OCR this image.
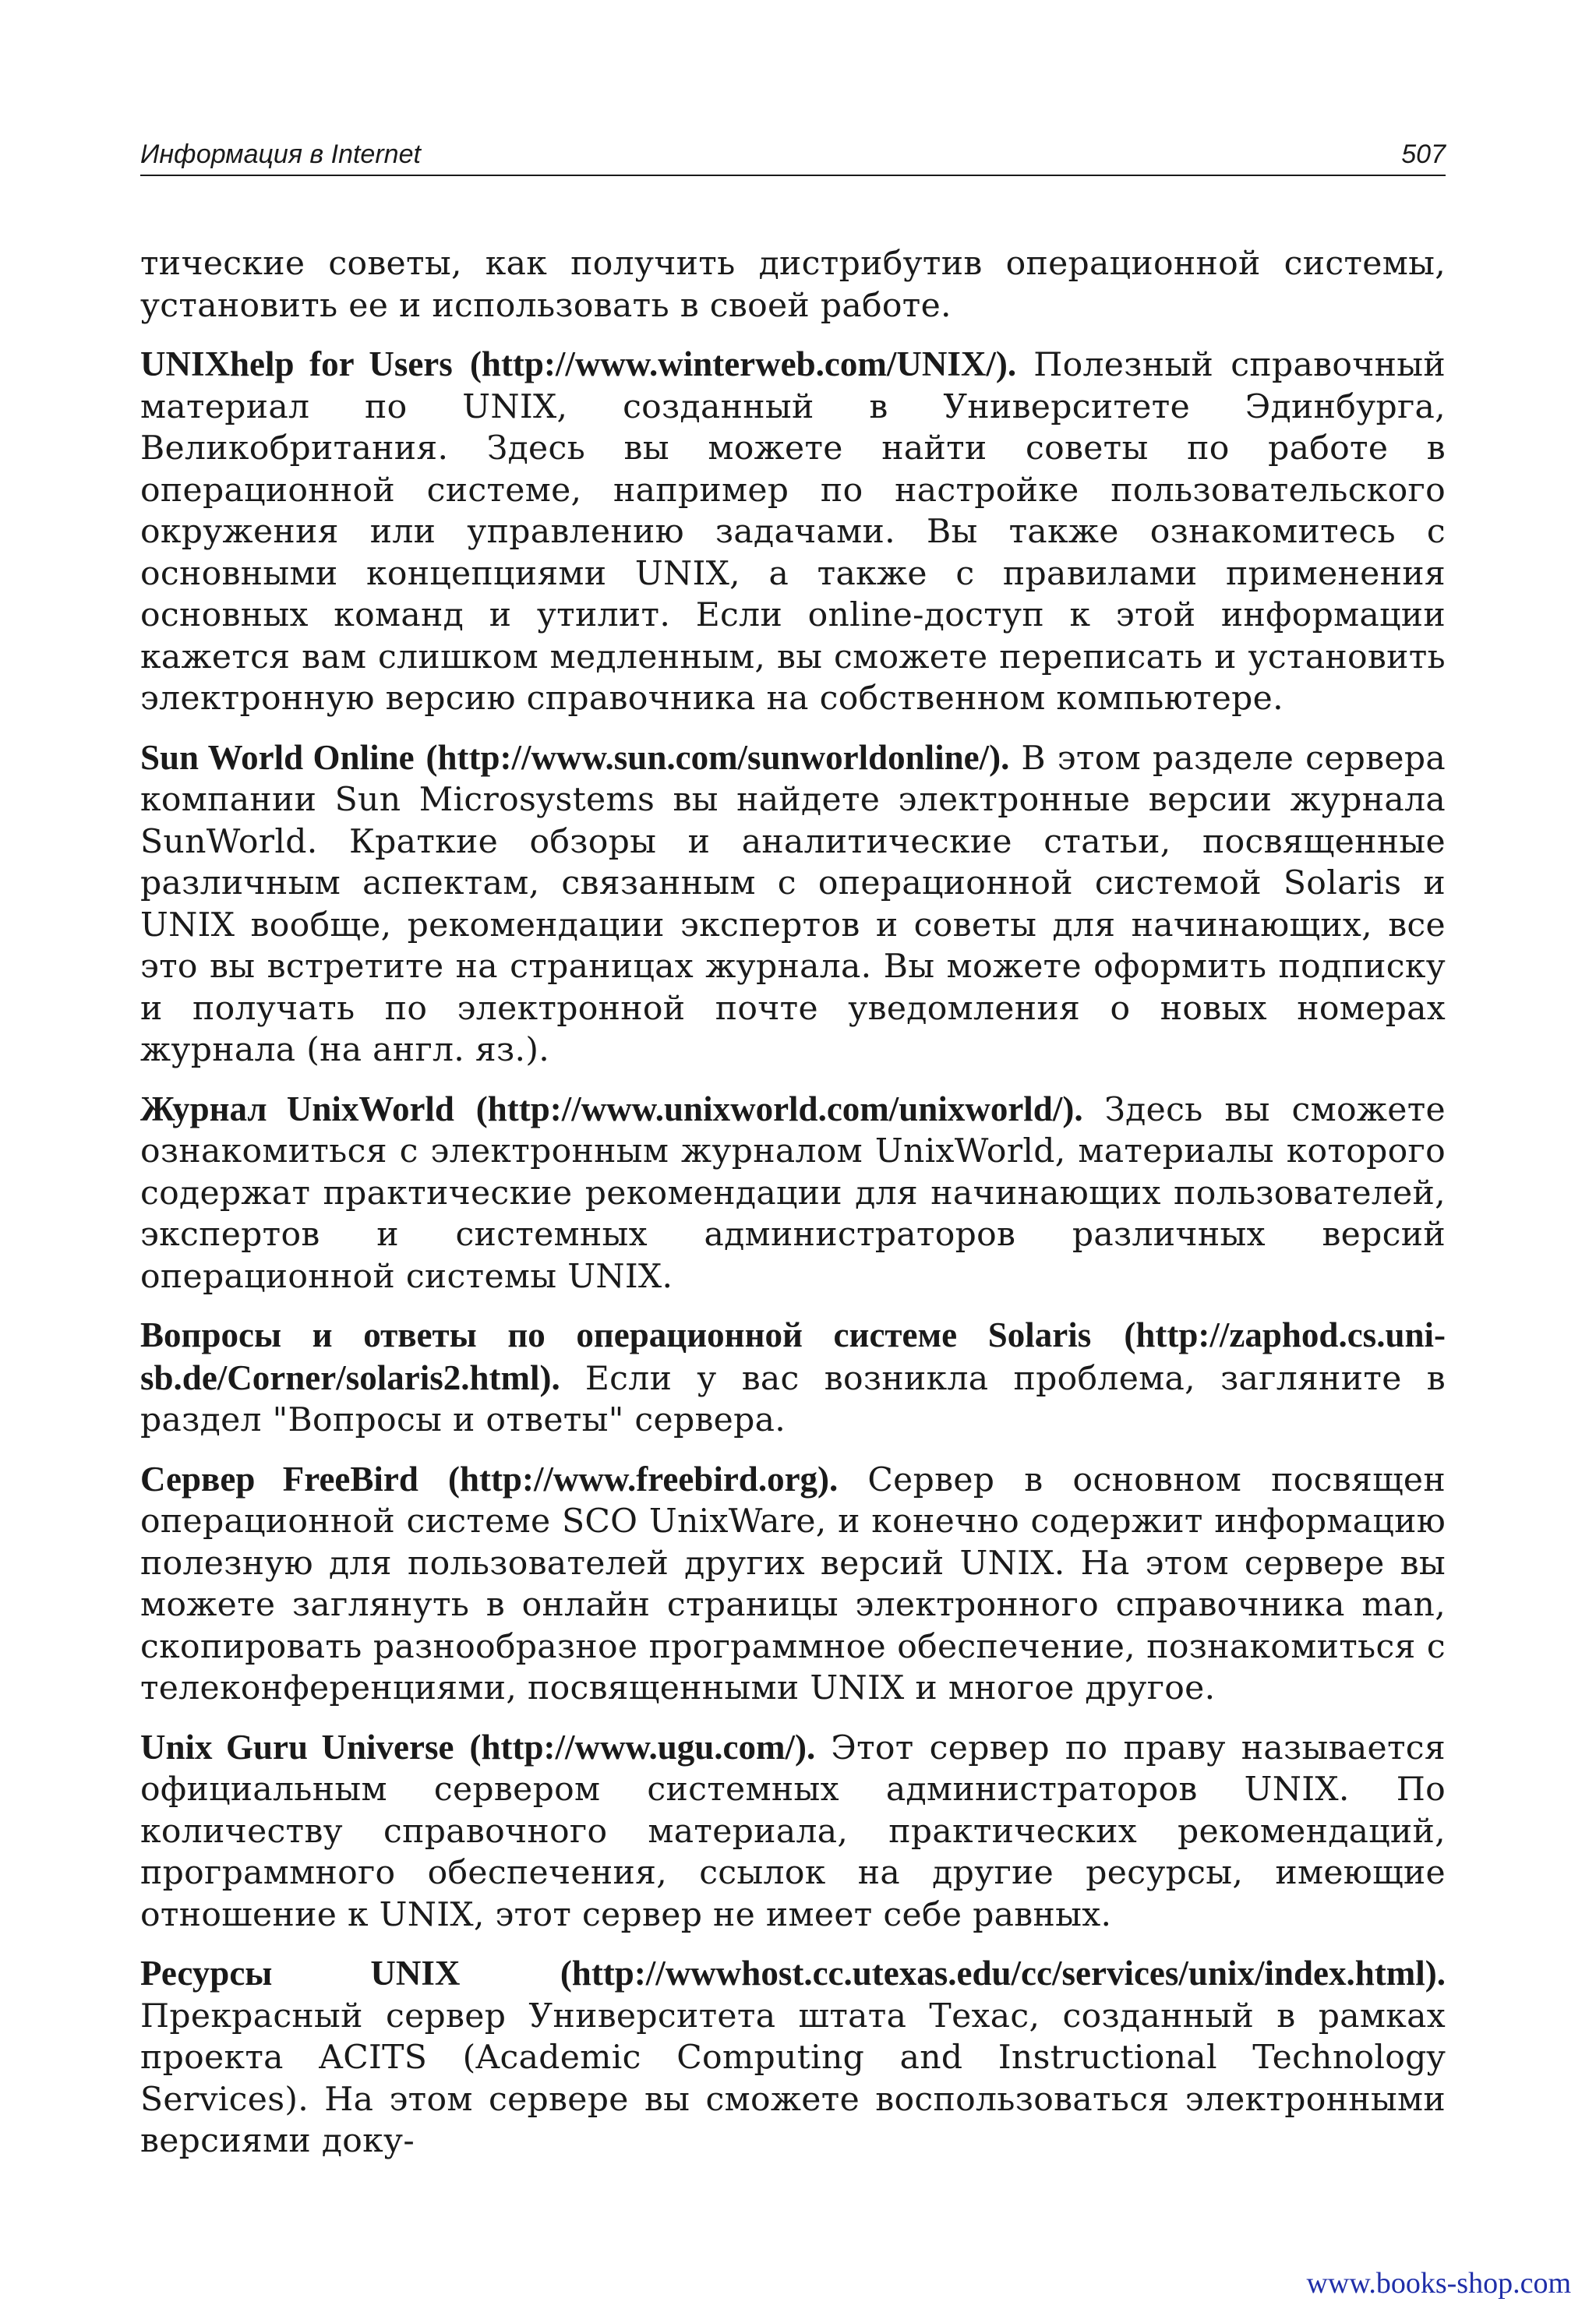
Информация в Internet	507

тические советы, как получить дистрибутив операционной системы, установить ее и использовать в своей работе.

UNIXhelp for Users (http://www.winterweb.com/UNIX/). Полезный справочный материал по UNIX, созданный в Университете Эдинбурга, Великобритания. Здесь вы можете найти советы по работе в операционной системе, например по настройке пользовательского окружения или управлению задачами. Вы также ознакомитесь с основными концепциями UNIX, а также с правилами применения основных команд и утилит. Если online-доступ к этой информации кажется вам слишком медленным, вы сможете переписать и установить электронную версию справочника на собственном компьютере.

Sun World Online (http://www.sun.com/sunworldonline/). В этом разделе сервера компании Sun Microsystems вы найдете электронные версии журнала SunWorld. Краткие обзоры и аналитические статьи, посвященные различным аспектам, связанным с операционной системой Solaris и UNIX вообще, рекомендации экспертов и советы для начинающих, все это вы встретите на страницах журнала. Вы можете оформить подписку и получать по электронной почте уведомления о новых номерах журнала (на англ. яз.).

Журнал UnixWorld (http://www.unixworld.com/unixworld/). Здесь вы сможете ознакомиться с электронным журналом UnixWorld, материалы которого содержат практические рекомендации для начинающих пользователей, экспертов и системных администраторов различных версий операционной системы UNIX.

Вопросы и ответы по операционной системе Solaris (http://zaphod.cs.uni-sb.de/Corner/solaris2.html). Если у вас возникла проблема, загляните в раздел "Вопросы и ответы" сервера.

Сервер FreeBird (http://www.freebird.org). Сервер в основном посвящен операционной системе SCO UnixWare, и конечно содержит информацию полезную для пользователей других версий UNIX. На этом сервере вы можете заглянуть в онлайн страницы электронного справочника man, скопировать разнообразное программное обеспечение, познакомиться с телеконференциями, посвященными UNIX и многое другое.

Unix Guru Universe (http://www.ugu.com/). Этот сервер по праву называется официальным сервером системных администраторов UNIX. По количеству справочного материала, практических рекомендаций, программного обеспечения, ссылок на другие ресурсы, имеющие отношение к UNIX, этот сервер не имеет себе равных.

Ресурсы UNIX	(http://wwwhost.cc.utexas.edu/cc/services/unix/index.html). Прекрасный сервер Университета штата Техас, созданный в рамках проекта ACITS (Academic Computing and Instructional Technology Services). На этом сервере вы сможете воспользоваться электронными версиями доку-

www.books-shop.com
